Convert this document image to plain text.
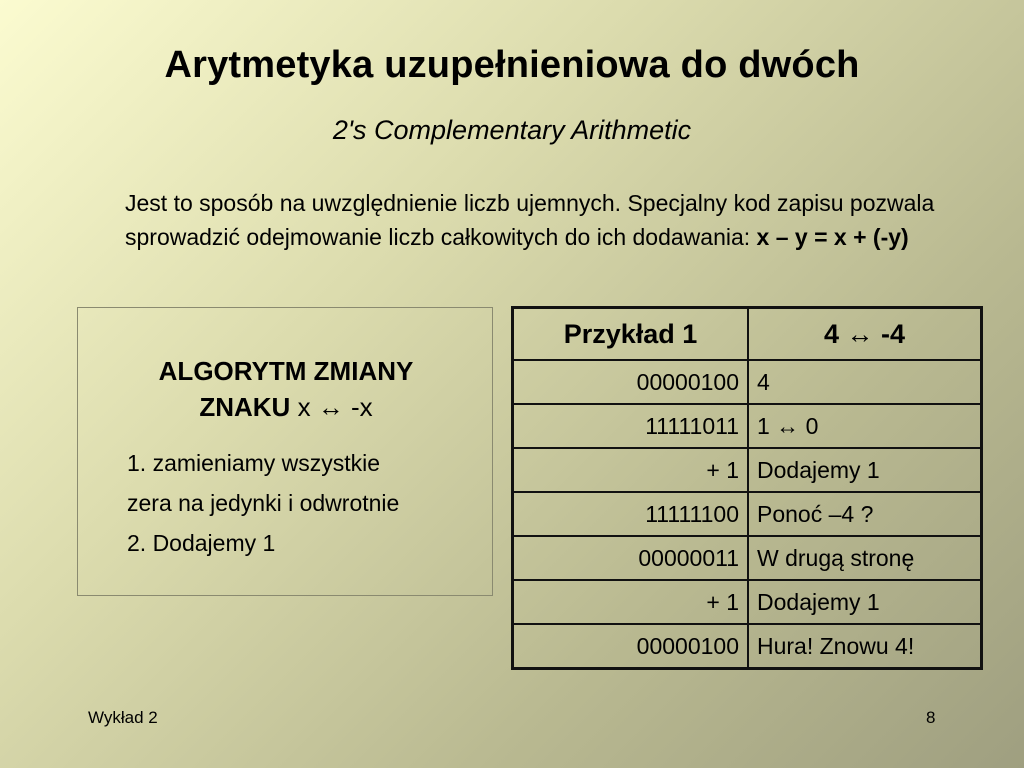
Arytmetyka uzupełnieniowa do dwóch
2's Complementary Arithmetic
Jest to sposób na uwzględnienie liczb ujemnych. Specjalny kod zapisu pozwala sprowadzić odejmowanie liczb całkowitych do ich dodawania: x – y = x + (-y)
ALGORYTM ZMIANY
ZNAKU x ↔ -x
1. zamieniamy wszystkie
zera na jedynki i odwrotnie
2. Dodajemy 1
Przykład 1	4 ↔ -4
00000100	4
11111011	1 ↔ 0
+ 1	Dodajemy 1
11111100	Ponoć –4 ?
00000011	W drugą stronę
+ 1	Dodajemy 1
00000100	Hura! Znowu 4!
Wykład 2	8
